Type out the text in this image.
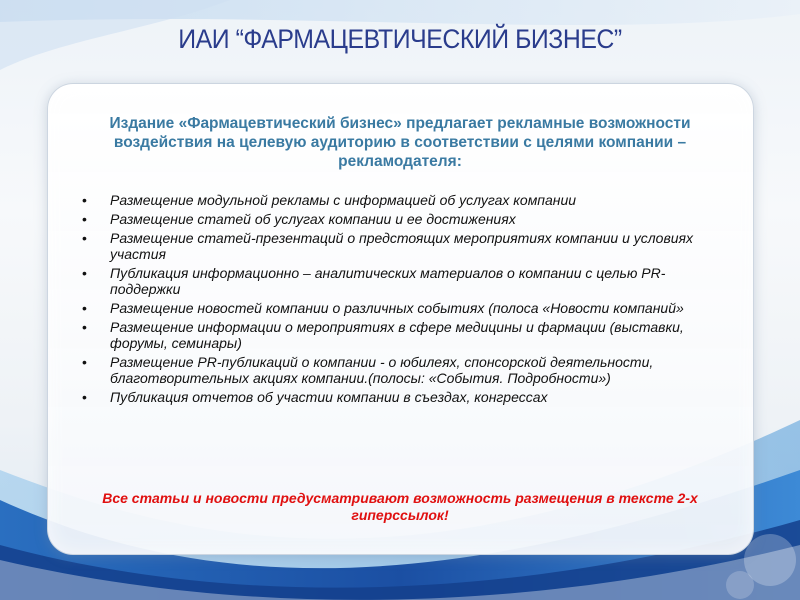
ИАИ “ФАРМАЦЕВТИЧЕСКИЙ БИЗНЕС”
Издание «Фармацевтический бизнес» предлагает рекламные возможности воздействия на целевую аудиторию в соответствии с целями компании – рекламодателя:
• Размещение модульной рекламы с информацией об услугах компании
• Размещение статей об услугах компании и ее достижениях
• Размещение статей-презентаций о предстоящих мероприятиях компании и условиях участия
• Публикация информационно – аналитических материалов о компании с целью PR-поддержки
• Размещение новостей компании о различных событиях (полоса «Новости компаний»
• Размещение информации о мероприятиях в сфере медицины и фармации (выставки, форумы, семинары)
• Размещение PR-публикаций о компании - о юбилеях, спонсорской деятельности, благотворительных акциях компании.(полосы: «События. Подробности»)
• Публикация отчетов об участии компании в съездах, конгрессах
Все статьи и новости предусматривают возможность размещения в тексте 2-х гиперссылок!
